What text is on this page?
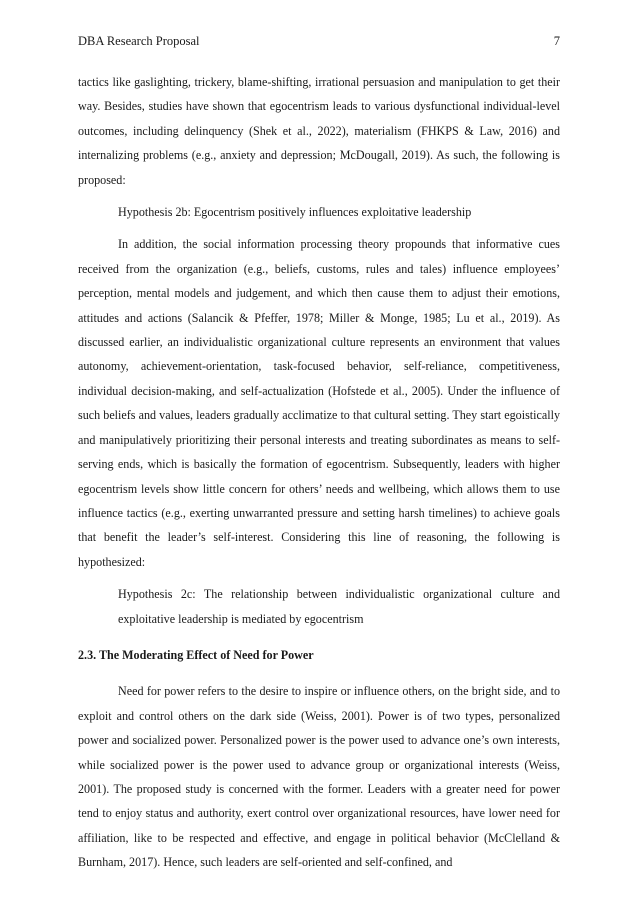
DBA Research Proposal	7

tactics like gaslighting, trickery, blame-shifting, irrational persuasion and manipulation to get their way. Besides, studies have shown that egocentrism leads to various dysfunctional individual-level outcomes, including delinquency (Shek et al., 2022), materialism (FHKPS & Law, 2016) and internalizing problems (e.g., anxiety and depression; McDougall, 2019). As such, the following is proposed:

Hypothesis 2b: Egocentrism positively influences exploitative leadership

In addition, the social information processing theory propounds that informative cues received from the organization (e.g., beliefs, customs, rules and tales) influence employees’ perception, mental models and judgement, and which then cause them to adjust their emotions, attitudes and actions (Salancik & Pfeffer, 1978; Miller & Monge, 1985; Lu et al., 2019). As discussed earlier, an individualistic organizational culture represents an environment that values autonomy, achievement-orientation, task-focused behavior, self-reliance, competitiveness, individual decision-making, and self-actualization (Hofstede et al., 2005). Under the influence of such beliefs and values, leaders gradually acclimatize to that cultural setting. They start egoistically and manipulatively prioritizing their personal interests and treating subordinates as means to self-serving ends, which is basically the formation of egocentrism. Subsequently, leaders with higher egocentrism levels show little concern for others’ needs and wellbeing, which allows them to use influence tactics (e.g., exerting unwarranted pressure and setting harsh timelines) to achieve goals that benefit the leader’s self-interest. Considering this line of reasoning, the following is hypothesized:

Hypothesis 2c: The relationship between individualistic organizational culture and exploitative leadership is mediated by egocentrism

2.3. The Moderating Effect of Need for Power

Need for power refers to the desire to inspire or influence others, on the bright side, and to exploit and control others on the dark side (Weiss, 2001). Power is of two types, personalized power and socialized power. Personalized power is the power used to advance one’s own interests, while socialized power is the power used to advance group or organizational interests (Weiss, 2001). The proposed study is concerned with the former. Leaders with a greater need for power tend to enjoy status and authority, exert control over organizational resources, have lower need for affiliation, like to be respected and effective, and engage in political behavior (McClelland & Burnham, 2017). Hence, such leaders are self-oriented and self-confined, and
